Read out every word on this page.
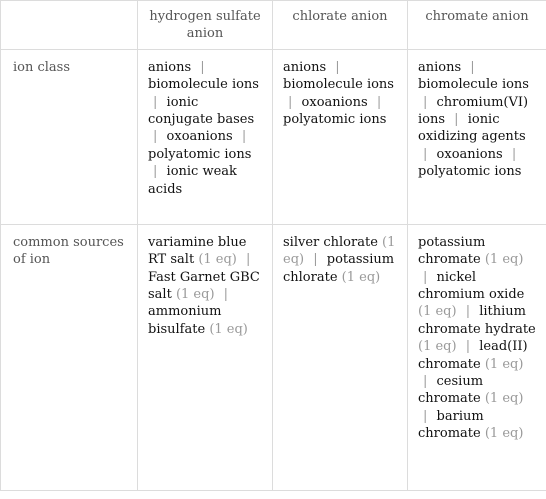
	hydrogen sulfate anion	chlorate anion	chromate anion
ion class	anions | biomolecule ions | ionic conjugate bases | oxoanions | polyatomic ions | ionic weak acids	anions | biomolecule ions | oxoanions | polyatomic ions	anions | biomolecule ions | chromium(VI) ions | ionic oxidizing agents | oxoanions | polyatomic ions
common sources of ion	variamine blue RT salt (1 eq) | Fast Garnet GBC salt (1 eq) | ammonium bisulfate (1 eq)	silver chlorate (1 eq) | potassium chlorate (1 eq)	potassium chromate (1 eq) | nickel chromium oxide (1 eq) | lithium chromate hydrate (1 eq) | lead(II) chromate (1 eq) | cesium chromate (1 eq) | barium chromate (1 eq)
